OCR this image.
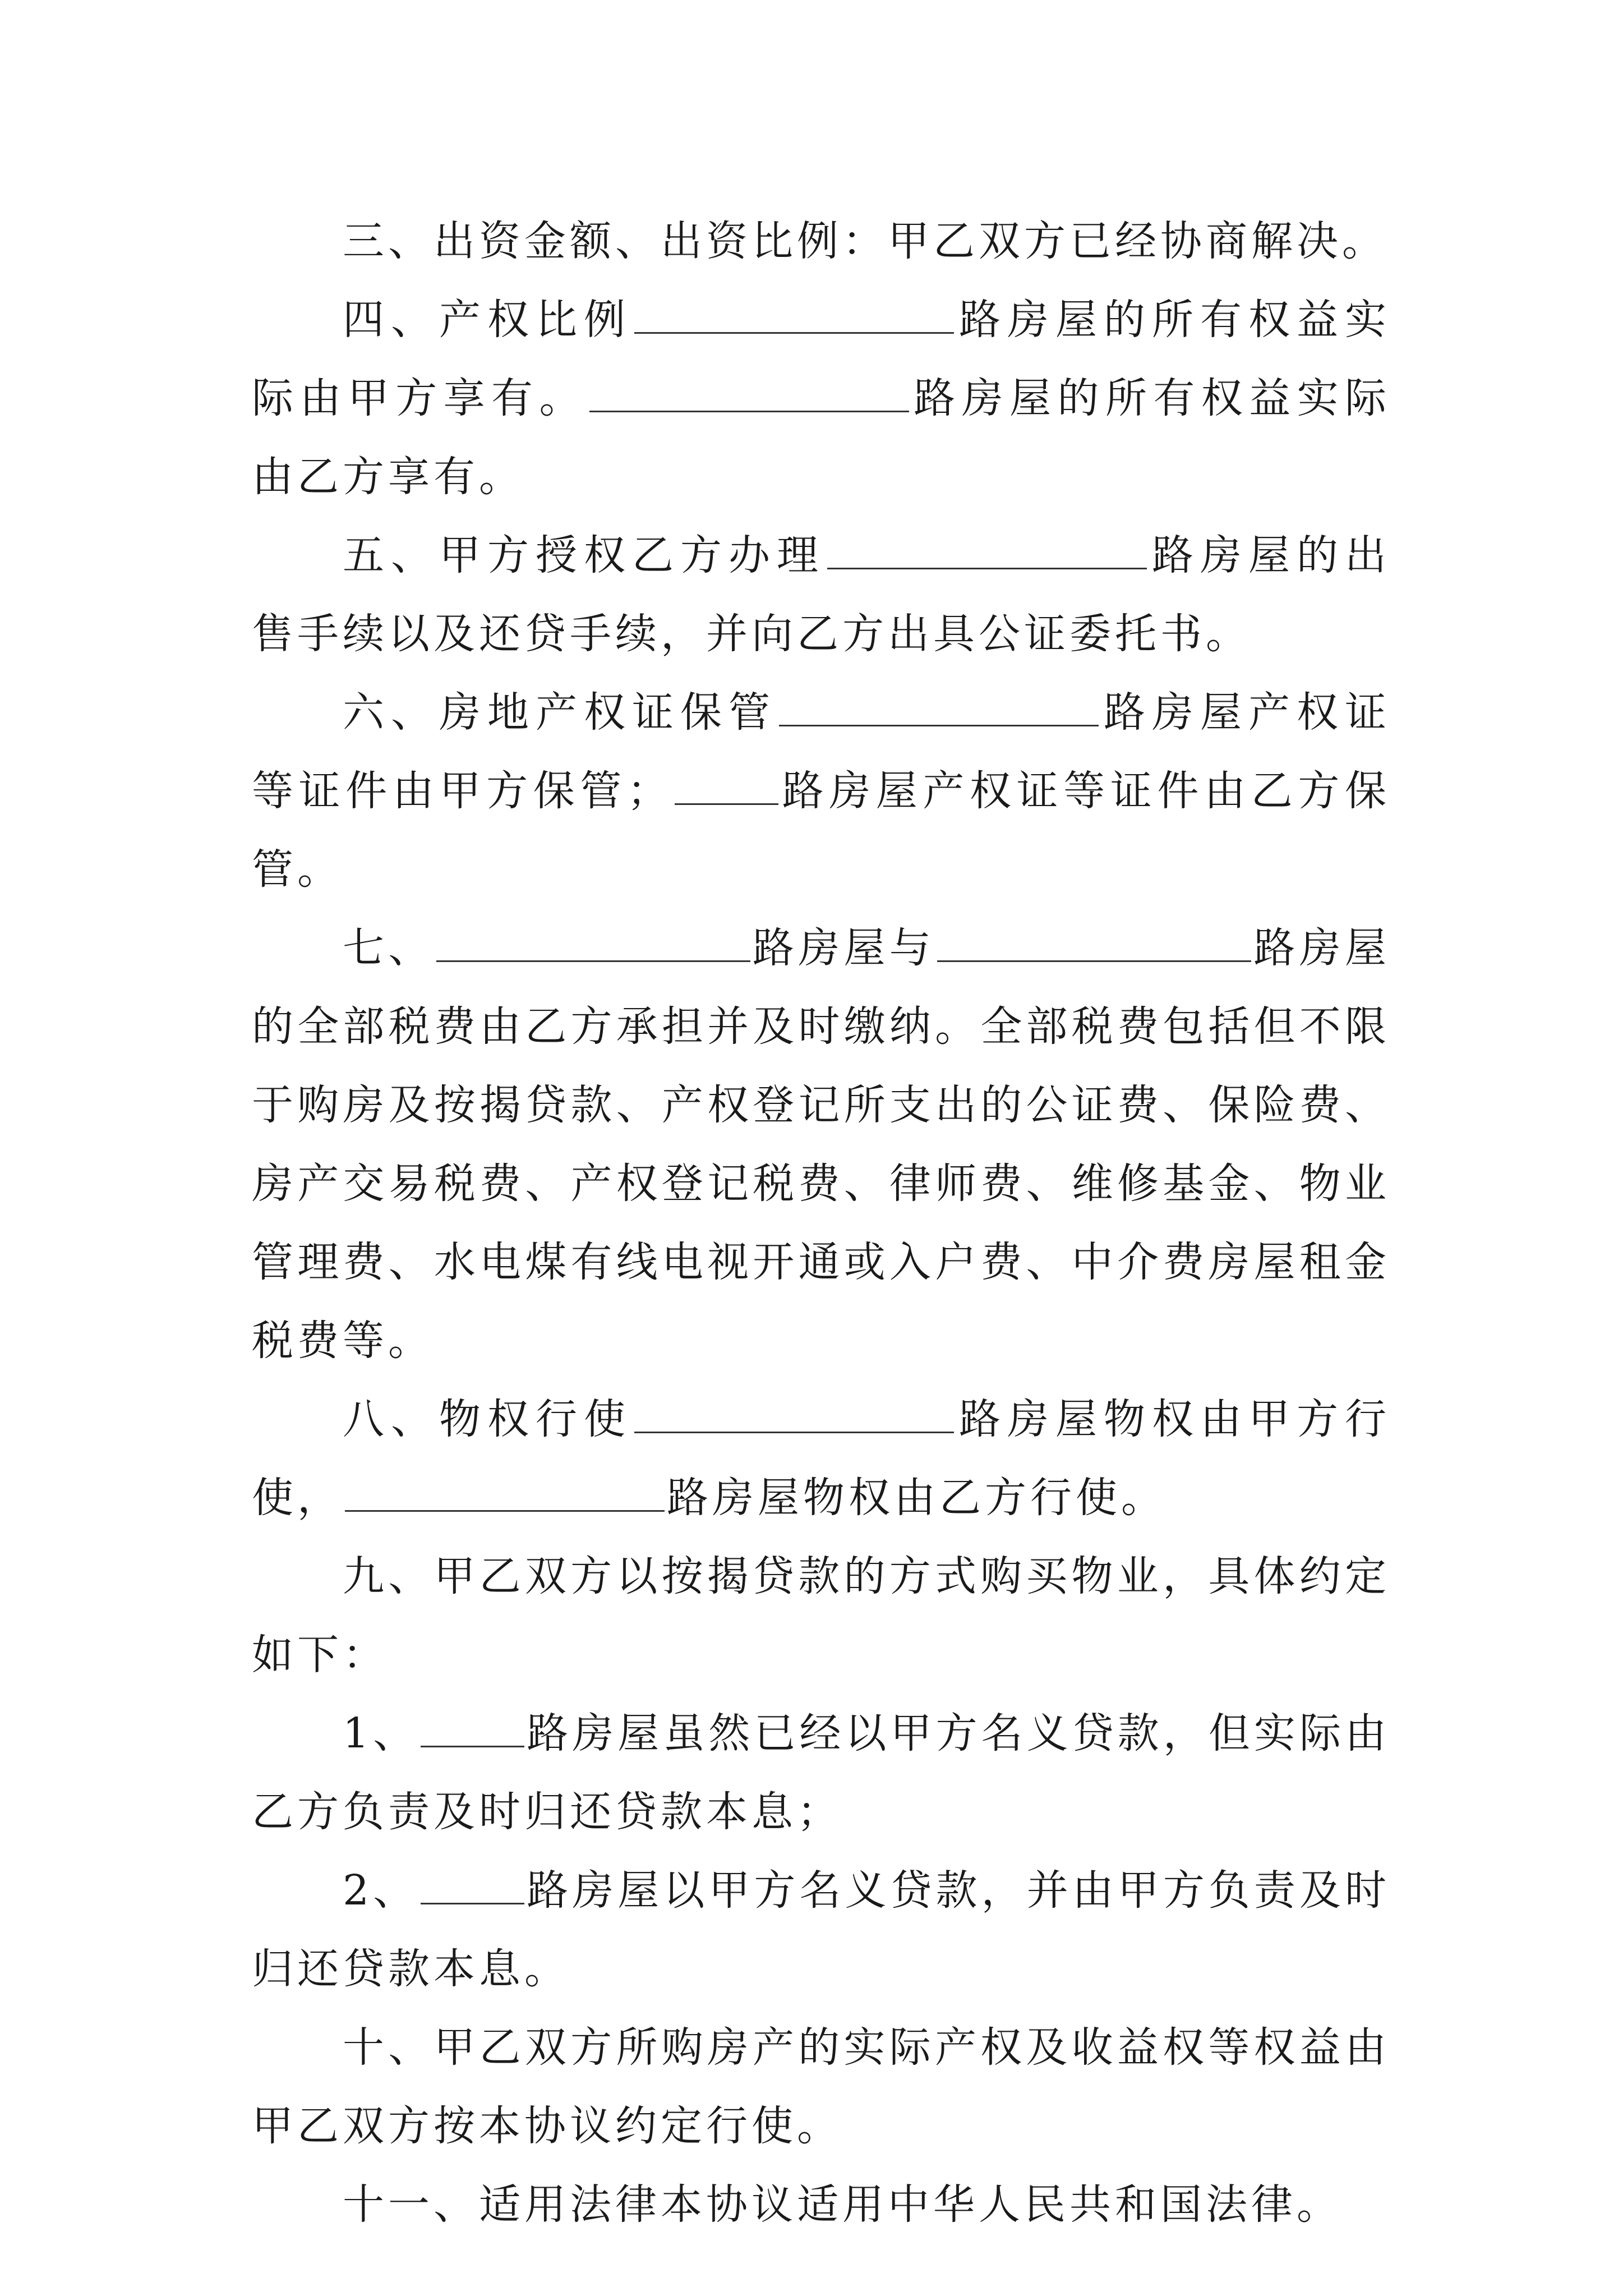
三、出资金额、出资比例：甲乙双方已经协商解决。

四、产权比例	路房屋的所有权益实际由甲方享有。	路房屋的所有权益实际由乙方享有。

五、甲方授权乙方办理	路房屋的出售手续以及还贷手续，并向乙方出具公证委托书。

六、房地产权证保管	路房屋产权证等证件由甲方保管；	路房屋产权证等证件由乙方保管。

七、	路房屋与	路房屋的全部税费由乙方承担并及时缴纳。全部税费包括但不限于购房及按揭贷款、产权登记所支出的公证费、保险费、房产交易税费、产权登记税费、律师费、维修基金、物业管理费、水电煤有线电视开通或入户费、中介费房屋租金税费等。

八、物权行使	路房屋物权由甲方行使，	路房屋物权由乙方行使。

九、甲乙双方以按揭贷款的方式购买物业，具体约定如下：

1、	路房屋虽然已经以甲方名义贷款，但实际由乙方负责及时归还贷款本息；

2、	路房屋以甲方名义贷款，并由甲方负责及时归还贷款本息。

十、甲乙双方所购房产的实际产权及收益权等权益由甲乙双方按本协议约定行使。

十一、适用法律本协议适用中华人民共和国法律。
